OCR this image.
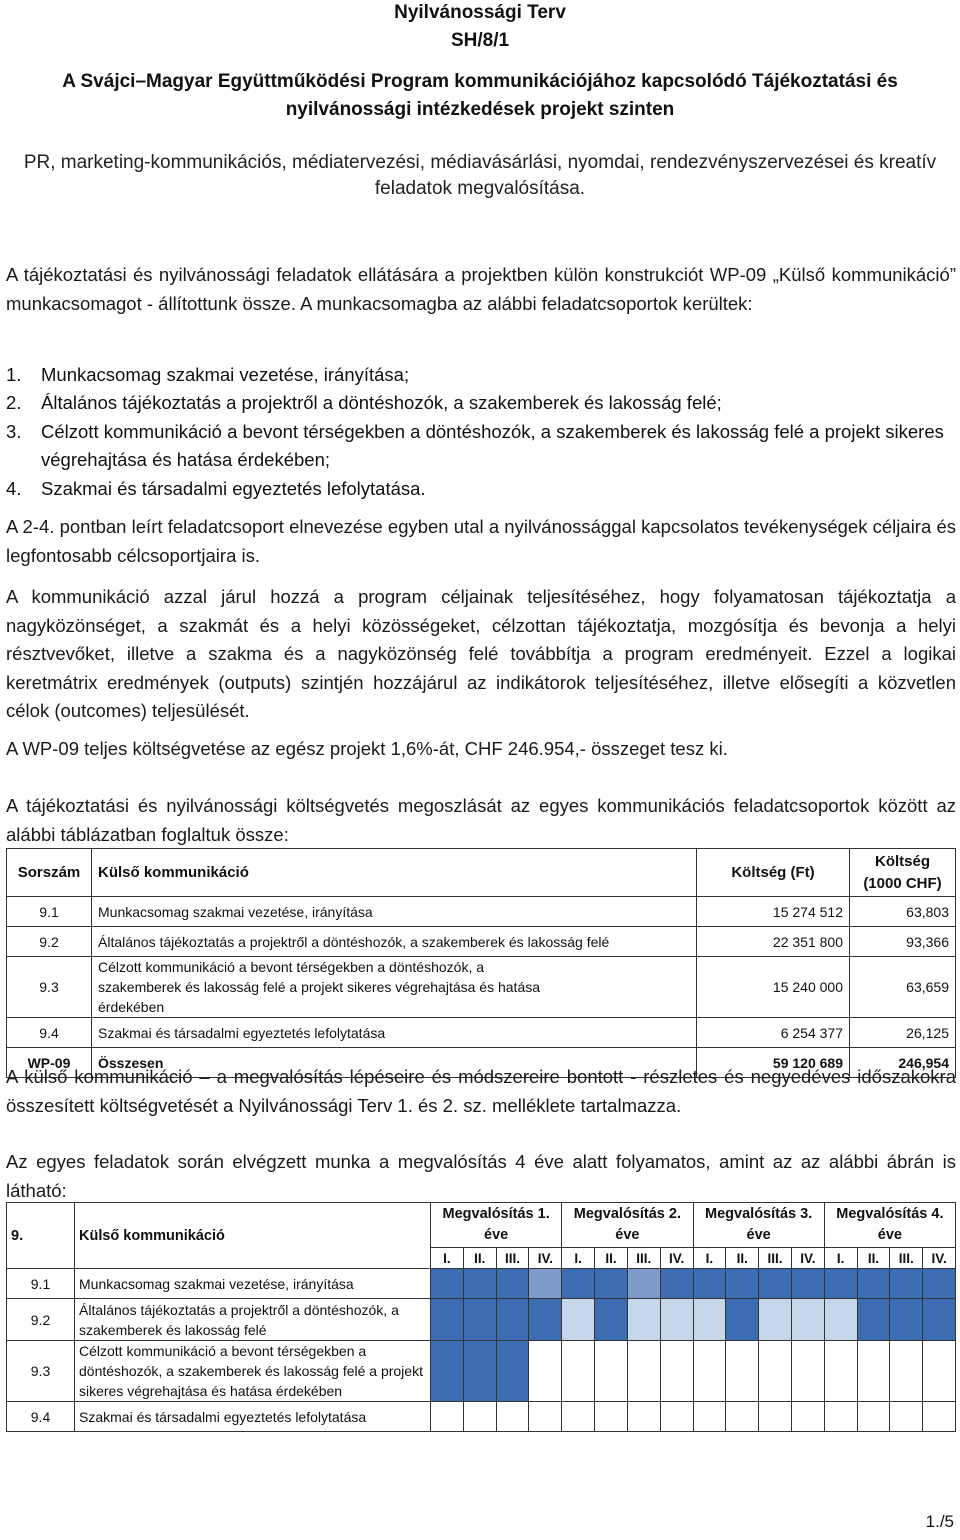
Nyilvánossági Terv
SH/8/1
A Svájci–Magyar Együttműködési Program kommunikációjához kapcsolódó Tájékoztatási és nyilvánossági intézkedések projekt szinten
PR, marketing-kommunikációs, médiatervezési, médiavásárlási, nyomdai, rendezvényszervezései és kreatív feladatok megvalósítása.
A tájékoztatási és nyilvánossági feladatok ellátására a projektben külön konstrukciót WP-09 „Külső kommunikáció” munkacsomagot - állítottunk össze. A munkacsomagba az alábbi feladatcsoportok kerültek:
1.	Munkacsomag szakmai vezetése, irányítása;
2.	Általános tájékoztatás a projektről a döntéshozók, a szakemberek és lakosság felé;
3.	Célzott kommunikáció a bevont térségekben a döntéshozók, a szakemberek és lakosság felé a projekt sikeres végrehajtása és hatása érdekében;
4.	Szakmai és társadalmi egyeztetés lefolytatása.
A 2-4. pontban leírt feladatcsoport elnevezése egyben utal a nyilvánossággal kapcsolatos tevékenységek céljaira és legfontosabb célcsoportjaira is.
A kommunikáció azzal járul hozzá a program céljainak teljesítéséhez, hogy folyamatosan tájékoztatja a nagyközönséget, a szakmát és a helyi közösségeket, célzottan tájékoztatja, mozgósítja és bevonja a helyi résztvevőket, illetve a szakma és a nagyközönség felé továbbítja a program eredményeit. Ezzel a logikai keretmátrix eredmények (outputs) szintjén hozzájárul az indikátorok teljesítéséhez, illetve elősegíti a közvetlen célok (outcomes) teljesülését.
A WP-09 teljes költségvetése az egész projekt 1,6%-át, CHF 246.954,- összeget tesz ki.
A tájékoztatási és nyilvánossági költségvetés megoszlását az egyes kommunikációs feladatcsoportok között az alábbi táblázatban foglaltuk össze:
Sorszám	Külső kommunikáció	Költség (Ft)	Költség (1000 CHF)
9.1	Munkacsomag szakmai vezetése, irányítása	15 274 512	63,803
9.2	Általános tájékoztatás a projektről a döntéshozók, a szakemberek és lakosság felé	22 351 800	93,366
9.3	Célzott kommunikáció a bevont térségekben a döntéshozók, a szakemberek és lakosság felé a projekt sikeres végrehajtása és hatása érdekében	15 240 000	63,659
9.4	Szakmai és társadalmi egyeztetés lefolytatása	6 254 377	26,125
WP-09	Összesen	59 120 689	246,954
A külső kommunikáció – a megvalósítás lépéseire és módszereire bontott - részletes és negyedéves időszakokra összesített költségvetését a Nyilvánossági Terv 1. és 2. sz. melléklete tartalmazza.
Az egyes feladatok során elvégzett munka a megvalósítás 4 éve alatt folyamatos, amint az az alábbi ábrán is látható:
9.	Külső kommunikáció	Megvalósítás 1. éve				Megvalósítás 2. éve				Megvalósítás 3. éve				Megvalósítás 4. éve			
		I.	II.	III.	IV.	I.	II.	III.	IV.	I.	II.	III.	IV.	I.	II.	III.	IV.
9.1	Munkacsomag szakmai vezetése, irányítása																
9.2	Általános tájékoztatás a projektről a döntéshozók, a szakemberek és lakosság felé																
9.3	Célzott kommunikáció a bevont térségekben a döntéshozók, a szakemberek és lakosság felé a projekt sikeres végrehajtása és hatása érdekében																
9.4	Szakmai és társadalmi egyeztetés lefolytatása																
1./5
